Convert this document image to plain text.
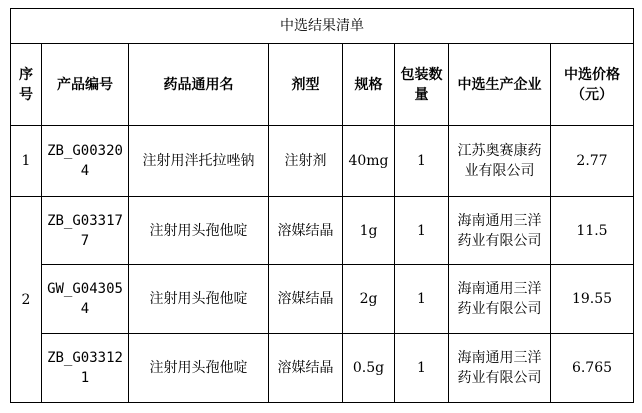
中选结果清单							
序号	产品编号	药品通用名	剂型	规格	包装数量	中选生产企业	中选价格（元）
1	ZB_G003204	注射用泮托拉唑钠	注射剂	40mg	1	江苏奥赛康药业有限公司	2.77
2	ZB_G033177	注射用头孢他啶	溶媒结晶	1g	1	海南通用三洋药业有限公司	11.5
	GW_G043054	注射用头孢他啶	溶媒结晶	2g	1	海南通用三洋药业有限公司	19.55
	ZB_G033121	注射用头孢他啶	溶媒结晶	0.5g	1	海南通用三洋药业有限公司	6.765
